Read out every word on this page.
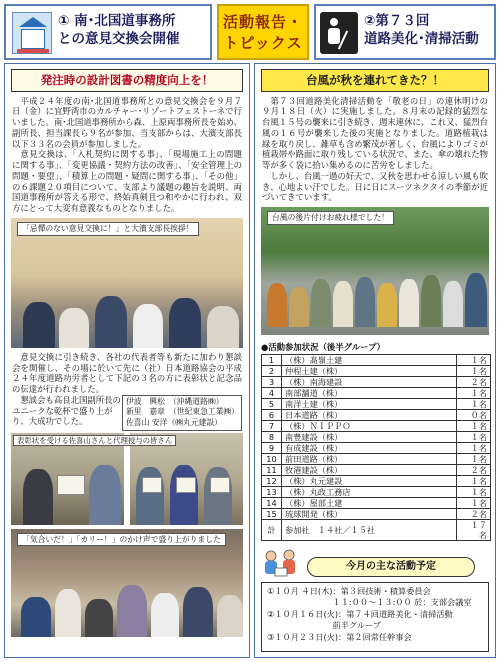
① 南･北国道事務所
との意見交換会開催
活動報告・
トピックス
②第７３回
道路美化･清掃活動
発注時の設計図書の精度向上を！

平成２４年度の南･北国道事務所との意見交換会を９月７日（金）に宜野湾市のカルチャー･リゾートフェストーネで行いました。南･北国道事務所から森、上原両事務所長を始め、副所長、担当課長ら９名が参加、当支部からは、大濱支部長以下３３名の会員が参加しました。

意見交換は、「入札契約に関する事」、「現場施工上の問題に関する事」、「変更協議・契約方法の改善」、「安全管理上の問題・要望」、「積算上の問題・疑問に関する事」、「その他」の６課題２０項目について、支部より議題の趣旨を説明、両国道事務所が答える形で、終始真剣且つ和やかに行われ、双方にとって大変有意義なものとなりました。

「忌憚のない意見交換に！」と大濱支部長挨拶！

意見交換に引き続き、各社の代表者等も新たに加わり懇談会を開催し、その場に於いて先に（社）日本道路協会の平成２４年度道路功労者として下記の３名の方に表彰状と記念品の伝達が行われました。

懇談会も高良北国副所長のユニークな乾杯で盛り上がり、大成功でした。
伊波　興松　（沖縄道路㈱）
新里　嘉章　（世紀東急工業㈱）
佐喜山 安洋（㈱丸元建設）
表彰状を受ける佐喜山さんと代理授与の皆さん
「気合いだ！」「カリー！」のかけ声で盛り上がりました
台風が秋を連れてきた？！

第７３回道路美化清掃活動を「敬老の日」の連休明けの９月１８日（火）に実施しました。８月末の記録的猛烈な台風１５号の襲来に引き続き、週末連休に、これ又、猛烈台風の１６号が襲来した後の実施となりました。道路植栽は緑を取り戻し、雑草も含め繁茂が著しく、台風によりゴミが植栽帯や路面に取り残している状況で、また、傘の壊れた物等が多く袋に拾い集めるのに苦労をしました。

しかし、台風一過の好天で、又秋を思わせる涼しい風も吹き、心地よい汗でした。日に日にスーツネクタイの季節が近づいてきています。

台風の後片付けお疲れ様でした！
●活動参加状況（後半グループ）
1	（株）髙嶺土建	１名
2	仲程土建（株）	１名
3	（株）南海建設	２名
4	南部舗道（株）	１名
5	南洋土建（株）	１名
6	日本道路（株）	０名
7	（株）ＮＩＰＰＯ	１名
8	南豊建設（株）	１名
9	有成建設（株）	１名
10	前田道路（株）	１名
11	牧港建設（株）	２名
12	（株）丸元建設	１名
13	（株）丸政工務店	１名
14	（株）屋部土建	１名
15	琉球開発（株）	２名
計	参加社　１４社／１５社	１７ 名
今月の主な活動予定
①１０月 ４日(木)：第３回技術・積算委員会
　　　　　　　　１１:００～１３:００ 於：支部会議室
②１０月１６日(火)：第７４回道路美化・清掃活動
　　　　　　　　前半グループ
③１０月２３日(火)：第２回常任幹事会
